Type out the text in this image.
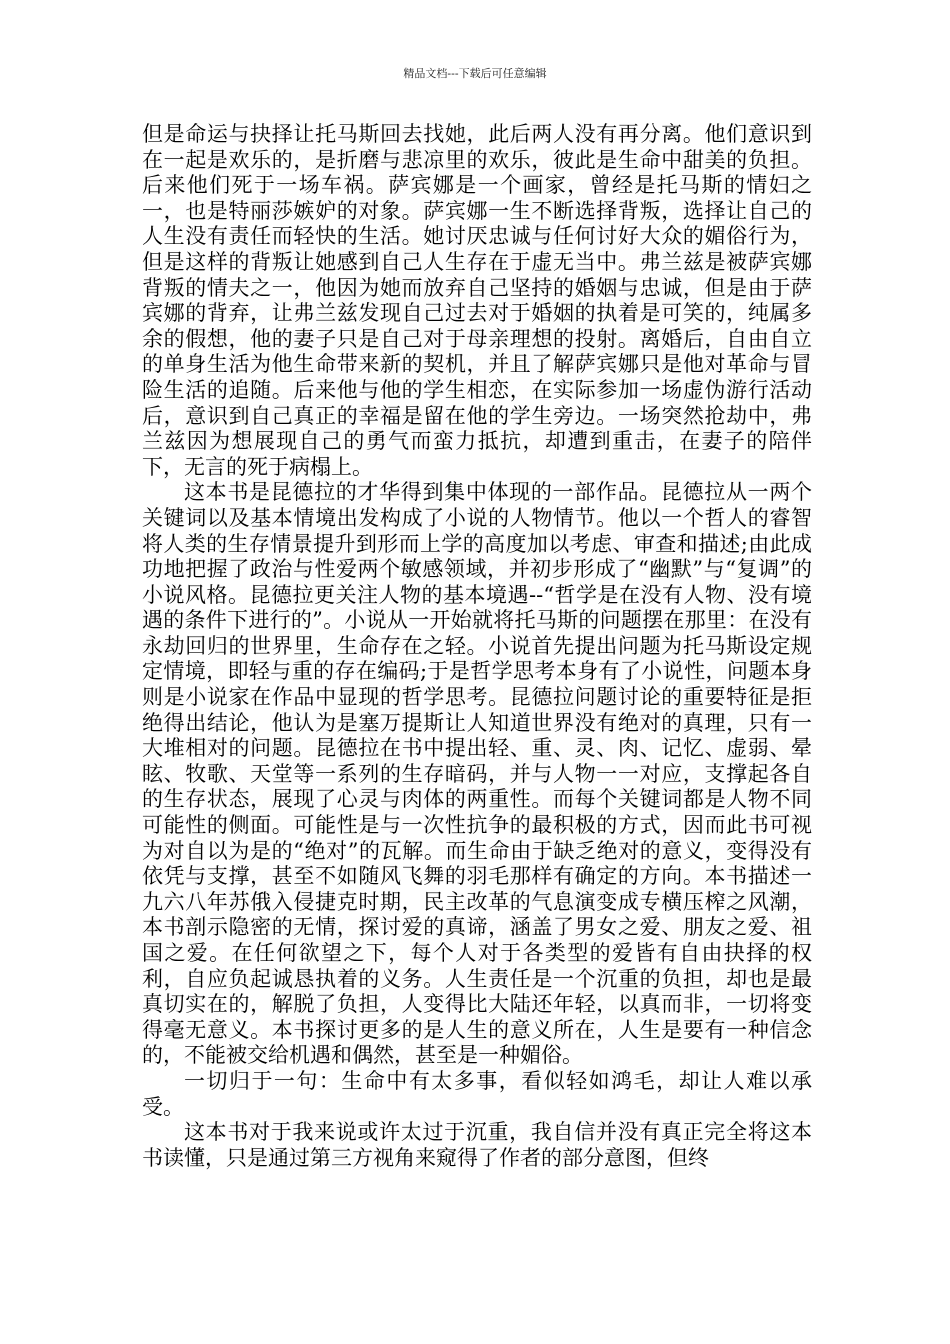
精品文档---下载后可任意编辑

但是命运与抉择让托马斯回去找她，此后两人没有再分离。他们意识到在一起是欢乐的，是折磨与悲凉里的欢乐，彼此是生命中甜美的负担。后来他们死于一场车祸。萨宾娜是一个画家，曾经是托马斯的情妇之一，也是特丽莎嫉妒的对象。萨宾娜一生不断选择背叛，选择让自己的人生没有责任而轻快的生活。她讨厌忠诚与任何讨好大众的媚俗行为，但是这样的背叛让她感到自己人生存在于虚无当中。弗兰兹是被萨宾娜背叛的情夫之一，他因为她而放弃自己坚持的婚姻与忠诚，但是由于萨宾娜的背弃，让弗兰兹发现自己过去对于婚姻的执着是可笑的，纯属多余的假想，他的妻子只是自己对于母亲理想的投射。离婚后，自由自立的单身生活为他生命带来新的契机，并且了解萨宾娜只是他对革命与冒险生活的追随。后来他与他的学生相恋，在实际参加一场虚伪游行活动后，意识到自己真正的幸福是留在他的学生旁边。一场突然抢劫中，弗兰兹因为想展现自己的勇气而蛮力抵抗，却遭到重击，在妻子的陪伴下，无言的死于病榻上。

这本书是昆德拉的才华得到集中体现的一部作品。昆德拉从一两个关键词以及基本情境出发构成了小说的人物情节。他以一个哲人的睿智将人类的生存情景提升到形而上学的高度加以考虑、审查和描述;由此成功地把握了政治与性爱两个敏感领域，并初步形成了“幽默”与“复调”的小说风格。昆德拉更关注人物的基本境遇--“哲学是在没有人物、没有境遇的条件下进行的”。小说从一开始就将托马斯的问题摆在那里：在没有永劫回归的世界里，生命存在之轻。小说首先提出问题为托马斯设定规定情境，即轻与重的存在编码;于是哲学思考本身有了小说性，问题本身则是小说家在作品中显现的哲学思考。昆德拉问题讨论的重要特征是拒绝得出结论，他认为是塞万提斯让人知道世界没有绝对的真理，只有一大堆相对的问题。昆德拉在书中提出轻、重、灵、肉、记忆、虚弱、晕眩、牧歌、天堂等一系列的生存暗码，并与人物一一对应，支撑起各自的生存状态，展现了心灵与肉体的两重性。而每个关键词都是人物不同可能性的侧面。可能性是与一次性抗争的最积极的方式，因而此书可视为对自以为是的“绝对”的瓦解。而生命由于缺乏绝对的意义，变得没有依凭与支撑，甚至不如随风飞舞的羽毛那样有确定的方向。本书描述一九六八年苏俄入侵捷克时期，民主改革的气息演变成专横压榨之风潮，本书剖示隐密的无情，探讨爱的真谛，涵盖了男女之爱、朋友之爱、祖国之爱。在任何欲望之下，每个人对于各类型的爱皆有自由抉择的权利，自应负起诚恳执着的义务。人生责任是一个沉重的负担，却也是最真切实在的，解脱了负担，人变得比大陆还年轻，以真而非，一切将变得毫无意义。本书探讨更多的是人生的意义所在，人生是要有一种信念的，不能被交给机遇和偶然，甚至是一种媚俗。

一切归于一句：生命中有太多事，看似轻如鸿毛，却让人难以承受。

这本书对于我来说或许太过于沉重，我自信并没有真正完全将这本书读懂，只是通过第三方视角来窥得了作者的部分意图，但终
